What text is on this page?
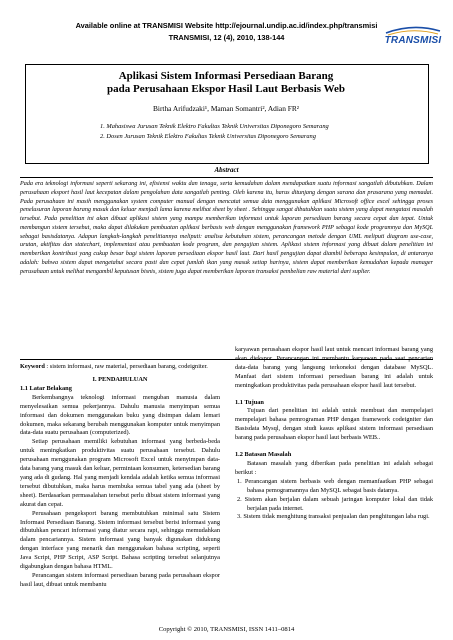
Available online at TRANSMISI Website http://ejournal.undip.ac.id/index.php/transmisi
TRANSMISI, 12 (4), 2010, 138-144	TRANSMISI
Aplikasi Sistem Informasi Persediaan Barang
pada Perusahaan Ekspor Hasil Laut Berbasis Web
Birtha Arifudzaki¹, Maman Somantri², Adian FR²
1. Mahasiswa Jurusan Teknik Elektro Fakultas Teknik Universitas Diponegoro Semarang
2. Dosen Jurusan Teknik Elektro Fakultas Teknik Universitas Diponegoro Semarang
Abstract
Pada era teknologi informasi seperti sekarang ini, efisiensi waktu dan tenaga, serta kemudahan dalam mendapatkan suatu informasi sangatlah dibutuhkan. Dalam perusahaan eksport hasil laut kecepatan dalam pengolahan data sangatlah penting. Oleh karena itu, harus ditunjang dengan sarana dan prasarana yang memadai. Pada perusahaan ini masih menggunakan system computer manual dengan mencatat semua data menggunakan aplikasi Microsoft office excel sehingga proses penelusuran laporan barang masuk dan keluar menjadi lama karena melihat sheet by sheet . Sehingga sangat dibutuhkan suatu sistem yang dapat mengatasi masalah tersebut. Pada penelitian ini akan dibuat aplikasi sistem yang mampu memberikan informasi untuk laporan persediaan barang secara cepat dan tepat. Untuk membangun sistem tersebut, maka dapat dilakukan pembuatan aplikasi berbasis web dengan menggunakan framework PHP sebagai kode programnya dan MySQL sebagai basisdatanya. Adapun langkah-langkah penelitiannya meliputi: analisa kebutuhan sistem, perancangan metode dengan UML meliputi diagram use-case, urutan, aktifitas dan statechart, implementasi atau pembuatan kode program, dan pengujian sistem. Aplikasi sistem informasi yang dibuat dalam penelitian ini memberikan kontribusi yang cukup besar bagi sistem laporan persediaan ekspor hasil laut. Dari hasil pengujian dapat diambil beberapa kesimpulan, di antaranya adalah: bahwa sistem dapat mengetahui secara pasti dan cepat jumlah ikan yang masuk setiap harinya, sistem dapat memberikan kemudahan kepada manager perusahaan untuk melihat mengambil keputusan bisnis, sistem juga dapat memberikan laporan transaksi pembelian raw material dari suplier.
Keyword : sistem informasi, raw material, persediaan barang, codeigniter.
I. PENDAHULUAN
1.1 Latar Belakang

Berkembangnya teknologi informasi menguban manusia dalam menyelesaikan semua pekerjannya. Dahulu manusia menyimpan semua informasi dan dokumen menggunakan buku yang disimpan dalam lemari dokumen, maka sekarang berubah menggunakan komputer untuk menyimpan data-data suatu perusahaan (computerized).

Setiap perusahaan memiliki kebutuhan informasi yang berbeda-beda untuk meningkatkan produktivitas suatu perusahaan tersebut. Dahulu perusahaan menggunakan program Microsoft Excel untuk menyimpan data-data barang yang masuk dan keluar, permintaan konsumen, ketersedian barang yang ada di gudang. Hal yang menjadi kendala adalah ketika semua informasi tersebut dibutuhkan, maka harus membuka semua tabel yang ada (sheet by sheet). Berdasarkan permasalahan tersebut perlu dibuat sistem informasi yang akurat dan cepat.

Perusahaan pengeksport barang membutuhkan minimal satu Sistem Informasi Persediaan Barang. Sistem informasi tersebut berisi informasi yang dibutuhkan pencari informasi yang diatur secara rapi, sehingga memudahkan dalam pencariannya. Sistem informasi yang banyak digunakan didukung dengan interface yang menarik dan menggunakan bahasa scripting, seperti Java Script, PHP Script, ASP Script. Bahasa scripting tersebut selanjutnya digabungkan dengan bahasa HTML.

Perancangan sistem informasi persediaan barang pada perusahaan ekspor hasil laut, dibuat untuk membantu

karyawan perusahaan ekspor hasil laut untuk mencari informasi barang yang akan diekspor. Perancangan ini membantu karyawan pada saat pencarian data-data barang yang langsung terkoneksi dengan database MySQL. Manfaat dari sistem informasi persediaan barang ini adalah untuk meningkatkan produktivitas pada perusahaan ekspor hasil laut tersebut.

1.1 Tujuan

Tujuan dari penelitian ini adalah untuk membuat dan mempelajari mempelajari bahasa pemrograman PHP dengan framework codeigniter dan Basisdata Mysql, dengan studi kasus aplikasi sistem informasi persediaan barang pada perusahaan ekspor hasil laut berbasis WEB..

1.2 Batasan Masalah

Batasan masalah yang diberikan pada penelitian ini adalah sebagai berikut :

1. Perancangan sistem berbasis web dengan memanfaatkan PHP sebagai bahasa pemogramannya dan MySQL sebagai basis datanya.

2. Sistem akan berjalan dalam sebuah jaringan komputer lokal dan tidak berjalan pada internet.

3. Sistem tidak menghitung transaksi penjualan dan penghitungan laba rugi.

Copyright © 2010, TRANSMISI, ISSN 1411–0814
